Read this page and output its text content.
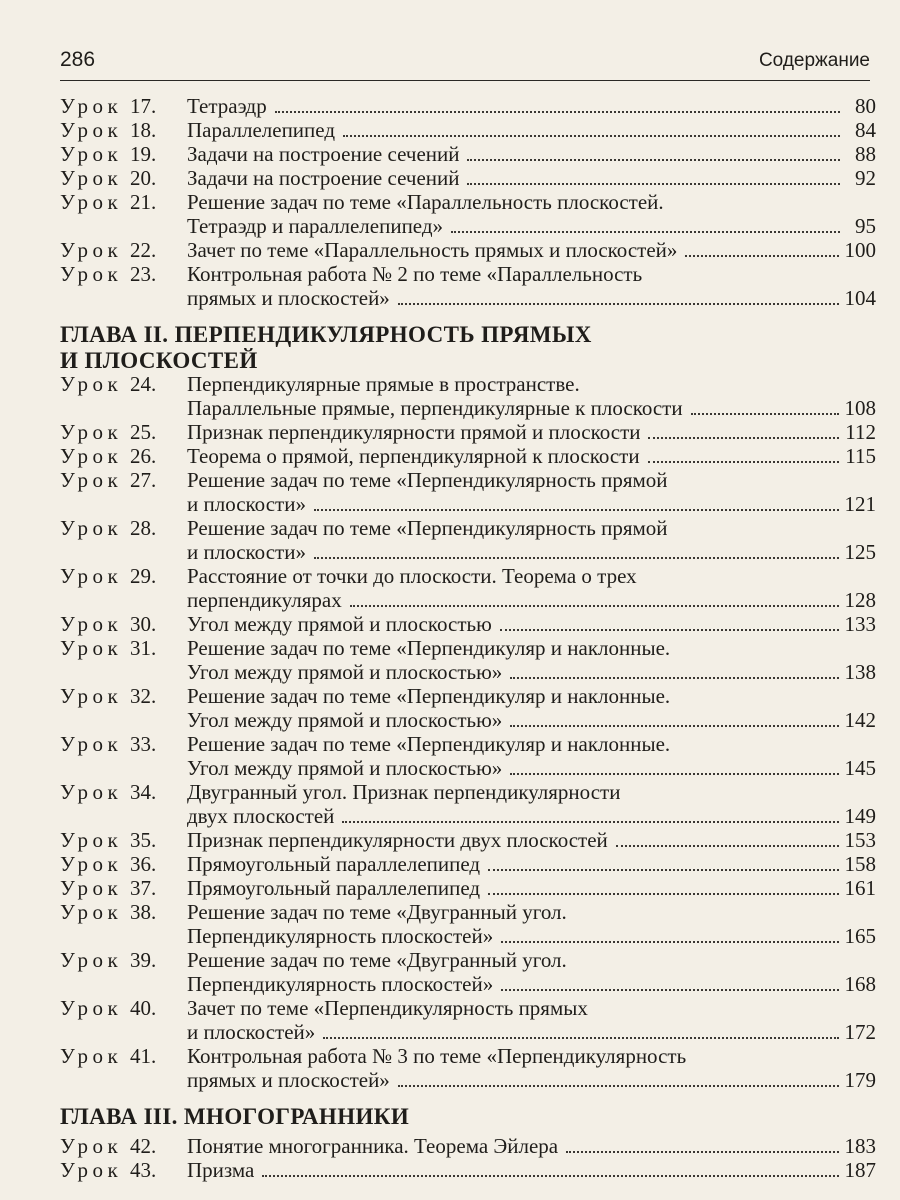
286	Содержание
Урок 17.	Тетраэдр	80
Урок 18.	Параллелепипед	84
Урок 19.	Задачи на построение сечений	88
Урок 20.	Задачи на построение сечений	92
Урок 21.	Решение задач по теме «Параллельность плоскостей.
Тетраэдр и параллелепипед»	95
Урок 22.	Зачет по теме «Параллельность прямых и плоскостей»	100
Урок 23.	Контрольная работа № 2 по теме «Параллельность
прямых и плоскостей»	104
ГЛАВА II. ПЕРПЕНДИКУЛЯРНОСТЬ ПРЯМЫХ
И ПЛОСКОСТЕЙ
Урок 24.	Перпендикулярные прямые в пространстве.
Параллельные прямые, перпендикулярные к плоскости	108
Урок 25.	Признак перпендикулярности прямой и плоскости	112
Урок 26.	Теорема о прямой, перпендикулярной к плоскости	115
Урок 27.	Решение задач по теме «Перпендикулярность прямой
и плоскости»	121
Урок 28.	Решение задач по теме «Перпендикулярность прямой
и плоскости»	125
Урок 29.	Расстояние от точки до плоскости. Теорема о трех
перпендикулярах	128
Урок 30.	Угол между прямой и плоскостью	133
Урок 31.	Решение задач по теме «Перпендикуляр и наклонные.
Угол между прямой и плоскостью»	138
Урок 32.	Решение задач по теме «Перпендикуляр и наклонные.
Угол между прямой и плоскостью»	142
Урок 33.	Решение задач по теме «Перпендикуляр и наклонные.
Угол между прямой и плоскостью»	145
Урок 34.	Двугранный угол. Признак перпендикулярности
двух плоскостей	149
Урок 35.	Признак перпендикулярности двух плоскостей	153
Урок 36.	Прямоугольный параллелепипед	158
Урок 37.	Прямоугольный параллелепипед	161
Урок 38.	Решение задач по теме «Двугранный угол.
Перпендикулярность плоскостей»	165
Урок 39.	Решение задач по теме «Двугранный угол.
Перпендикулярность плоскостей»	168
Урок 40.	Зачет по теме «Перпендикулярность прямых
и плоскостей»	172
Урок 41.	Контрольная работа № 3 по теме «Перпендикулярность
прямых и плоскостей»	179
ГЛАВА III. МНОГОГРАННИКИ
Урок 42.	Понятие многогранника. Теорема Эйлера	183
Урок 43.	Призма	187
